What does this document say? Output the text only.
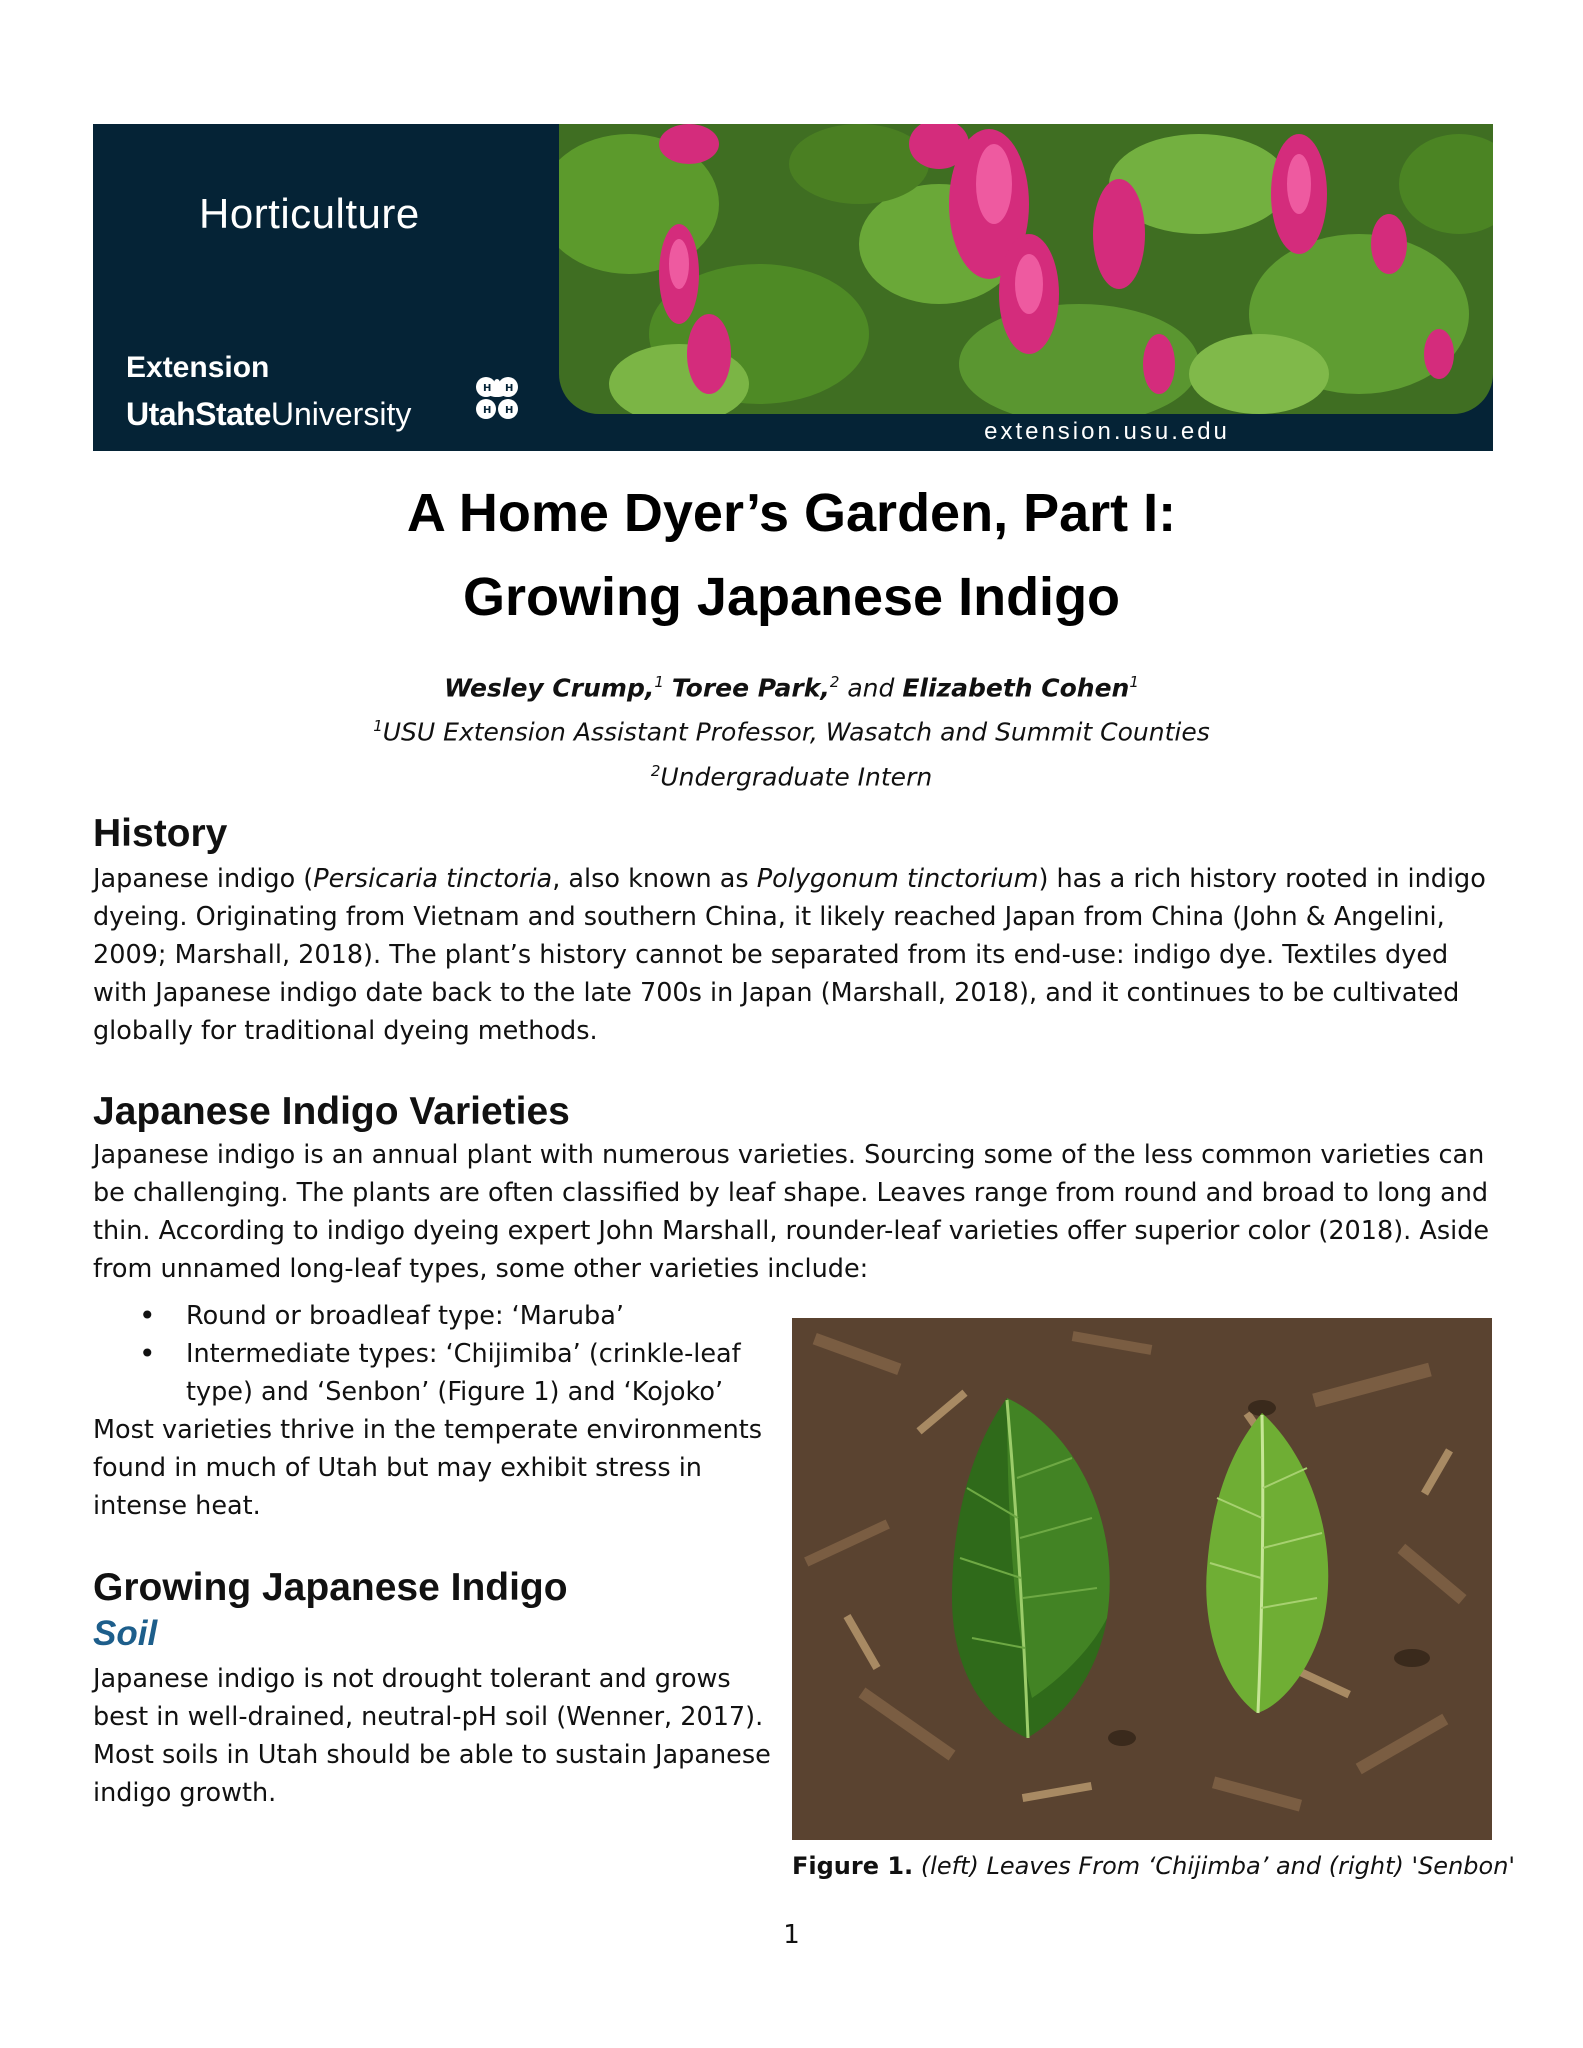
Horticulture
Extension
UtahStateUniversity
H H
H H
extension.usu.edu
A Home Dyer’s Garden, Part I:
Growing Japanese Indigo
Wesley Crump,$^1$ Toree Park,$^2$ and Elizabeth Cohen$^1$
$^1$USU Extension Assistant Professor, Wasatch and Summit Counties
$^2$Undergraduate Intern
History
Japanese indigo (Persicaria tinctoria, also known as Polygonum tinctorium) has a rich history rooted in indigo dyeing. Originating from Vietnam and southern China, it likely reached Japan from China (John & Angelini, 2009; Marshall, 2018). The plant’s history cannot be separated from its end-use: indigo dye. Textiles dyed with Japanese indigo date back to the late 700s in Japan (Marshall, 2018), and it continues to be cultivated globally for traditional dyeing methods.
Japanese Indigo Varieties
Japanese indigo is an annual plant with numerous varieties. Sourcing some of the less common varieties can be challenging. The plants are often classified by leaf shape. Leaves range from round and broad to long and thin. According to indigo dyeing expert John Marshall, rounder-leaf varieties offer superior color (2018). Aside from unnamed long-leaf types, some other varieties include:
• Round or broadleaf type: ‘Maruba’
• Intermediate types: ‘Chijimiba’ (crinkle-leaf type) and ‘Senbon’ (Figure 1) and ‘Kojoko’
Most varieties thrive in the temperate environments found in much of Utah but may exhibit stress in intense heat.
Growing Japanese Indigo
Soil
Japanese indigo is not drought tolerant and grows best in well-drained, neutral-pH soil (Wenner, 2017). Most soils in Utah should be able to sustain Japanese indigo growth.
Figure 1. (left) Leaves From ‘Chijimba’ and (right) 'Senbon'
1
